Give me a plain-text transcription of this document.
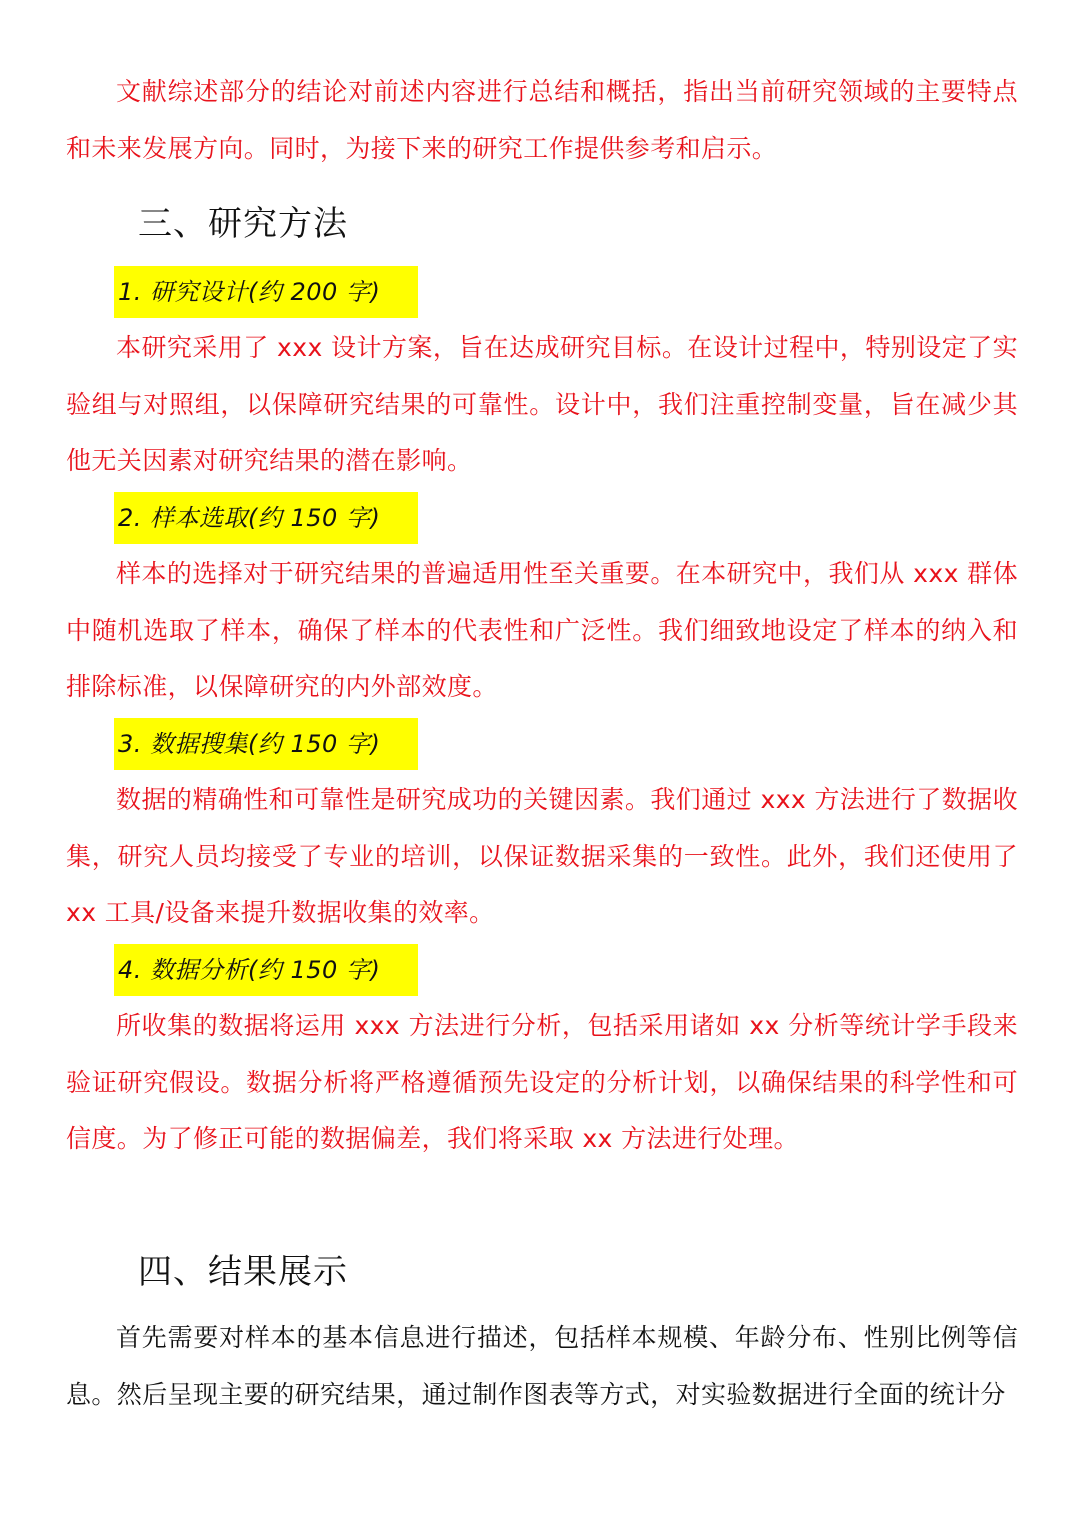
文献综述部分的结论对前述内容进行总结和概括，指出当前研究领域的主要特点和未来发展方向。同时，为接下来的研究工作提供参考和启示。

三、研究方法
1. 研究设计(约 200 字)

本研究采用了 xxx 设计方案，旨在达成研究目标。在设计过程中，特别设定了实验组与对照组，以保障研究结果的可靠性。设计中，我们注重控制变量，旨在减少其他无关因素对研究结果的潜在影响。

2. 样本选取(约 150 字)

样本的选择对于研究结果的普遍适用性至关重要。在本研究中，我们从 xxx 群体中随机选取了样本，确保了样本的代表性和广泛性。我们细致地设定了样本的纳入和排除标准，以保障研究的内外部效度。

3. 数据搜集(约 150 字)

数据的精确性和可靠性是研究成功的关键因素。我们通过 xxx 方法进行了数据收集，研究人员均接受了专业的培训，以保证数据采集的一致性。此外，我们还使用了 xx 工具/设备来提升数据收集的效率。

4. 数据分析(约 150 字)

所收集的数据将运用 xxx 方法进行分析，包括采用诸如 xx 分析等统计学手段来验证研究假设。数据分析将严格遵循预先设定的分析计划，以确保结果的科学性和可信度。为了修正可能的数据偏差，我们将采取 xx 方法进行处理。

四、结果展示

首先需要对样本的基本信息进行描述，包括样本规模、年龄分布、性别比例等信息。然后呈现主要的研究结果，通过制作图表等方式，对实验数据进行全面的统计分
